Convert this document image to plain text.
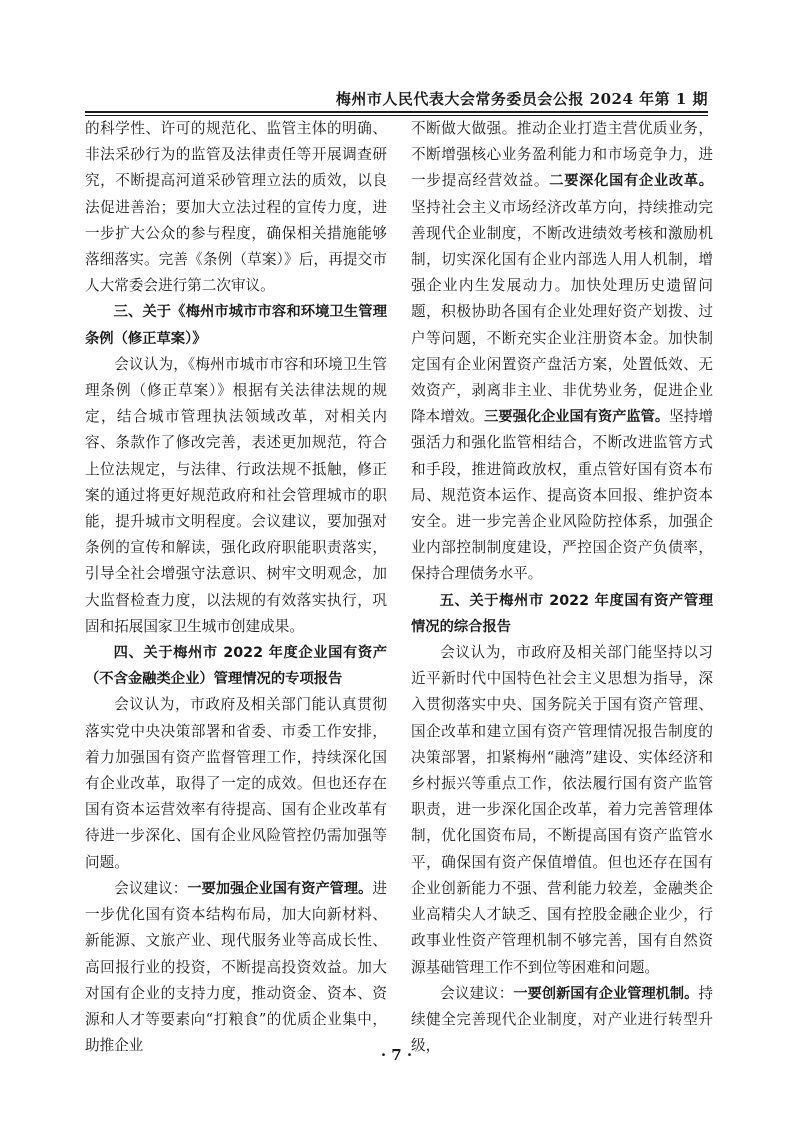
梅州市人民代表大会常务委员会公报 2024 年第 1 期

的科学性、许可的规范化、监管主体的明确、非法采砂行为的监管及法律责任等开展调查研究，不断提高河道采砂管理立法的质效，以良法促进善治；要加大立法过程的宣传力度，进一步扩大公众的参与程度，确保相关措施能够落细落实。完善《条例（草案）》后，再提交市人大常委会进行第二次审议。

三、关于《梅州市城市市容和环境卫生管理条例（修正草案）》

会议认为，《梅州市城市市容和环境卫生管理条例（修正草案）》根据有关法律法规的规定，结合城市管理执法领域改革，对相关内容、条款作了修改完善，表述更加规范，符合上位法规定，与法律、行政法规不抵触，修正案的通过将更好规范政府和社会管理城市的职能，提升城市文明程度。会议建议，要加强对条例的宣传和解读，强化政府职能职责落实，引导全社会增强守法意识、树牢文明观念，加大监督检查力度，以法规的有效落实执行，巩固和拓展国家卫生城市创建成果。

四、关于梅州市 2022 年度企业国有资产（不含金融类企业）管理情况的专项报告

会议认为，市政府及相关部门能认真贯彻落实党中央决策部署和省委、市委工作安排，着力加强国有资产监督管理工作，持续深化国有企业改革，取得了一定的成效。但也还存在国有资本运营效率有待提高、国有企业改革有待进一步深化、国有企业风险管控仍需加强等问题。

会议建议：一要加强企业国有资产管理。进一步优化国有资本结构布局，加大向新材料、新能源、文旅产业、现代服务业等高成长性、高回报行业的投资，不断提高投资效益。加大对国有企业的支持力度，推动资金、资本、资源和人才等要素向“打粮食”的优质企业集中，助推企业

不断做大做强。推动企业打造主营优质业务，不断增强核心业务盈利能力和市场竞争力，进一步提高经营效益。二要深化国有企业改革。坚持社会主义市场经济改革方向，持续推动完善现代企业制度，不断改进绩效考核和激励机制，切实深化国有企业内部选人用人机制，增强企业内生发展动力。加快处理历史遗留问题，积极协助各国有企业处理好资产划拨、过户等问题，不断充实企业注册资本金。加快制定国有企业闲置资产盘活方案，处置低效、无效资产，剥离非主业、非优势业务，促进企业降本增效。三要强化企业国有资产监管。坚持增强活力和强化监管相结合，不断改进监管方式和手段，推进简政放权，重点管好国有资本布局、规范资本运作、提高资本回报、维护资本安全。进一步完善企业风险防控体系，加强企业内部控制制度建设，严控国企资产负债率，保持合理债务水平。

五、关于梅州市 2022 年度国有资产管理情况的综合报告

会议认为，市政府及相关部门能坚持以习近平新时代中国特色社会主义思想为指导，深入贯彻落实中央、国务院关于国有资产管理、国企改革和建立国有资产管理情况报告制度的决策部署，扣紧梅州“融湾”建设、实体经济和乡村振兴等重点工作，依法履行国有资产监管职责，进一步深化国企改革，着力完善管理体制，优化国资布局，不断提高国有资产监管水平，确保国有资产保值增值。但也还存在国有企业创新能力不强、营利能力较差，金融类企业高精尖人才缺乏、国有控股金融企业少，行政事业性资产管理机制不够完善，国有自然资源基础管理工作不到位等困难和问题。

会议建议：一要创新国有企业管理机制。持续健全完善现代企业制度，对产业进行转型升级，

· 7 ·
